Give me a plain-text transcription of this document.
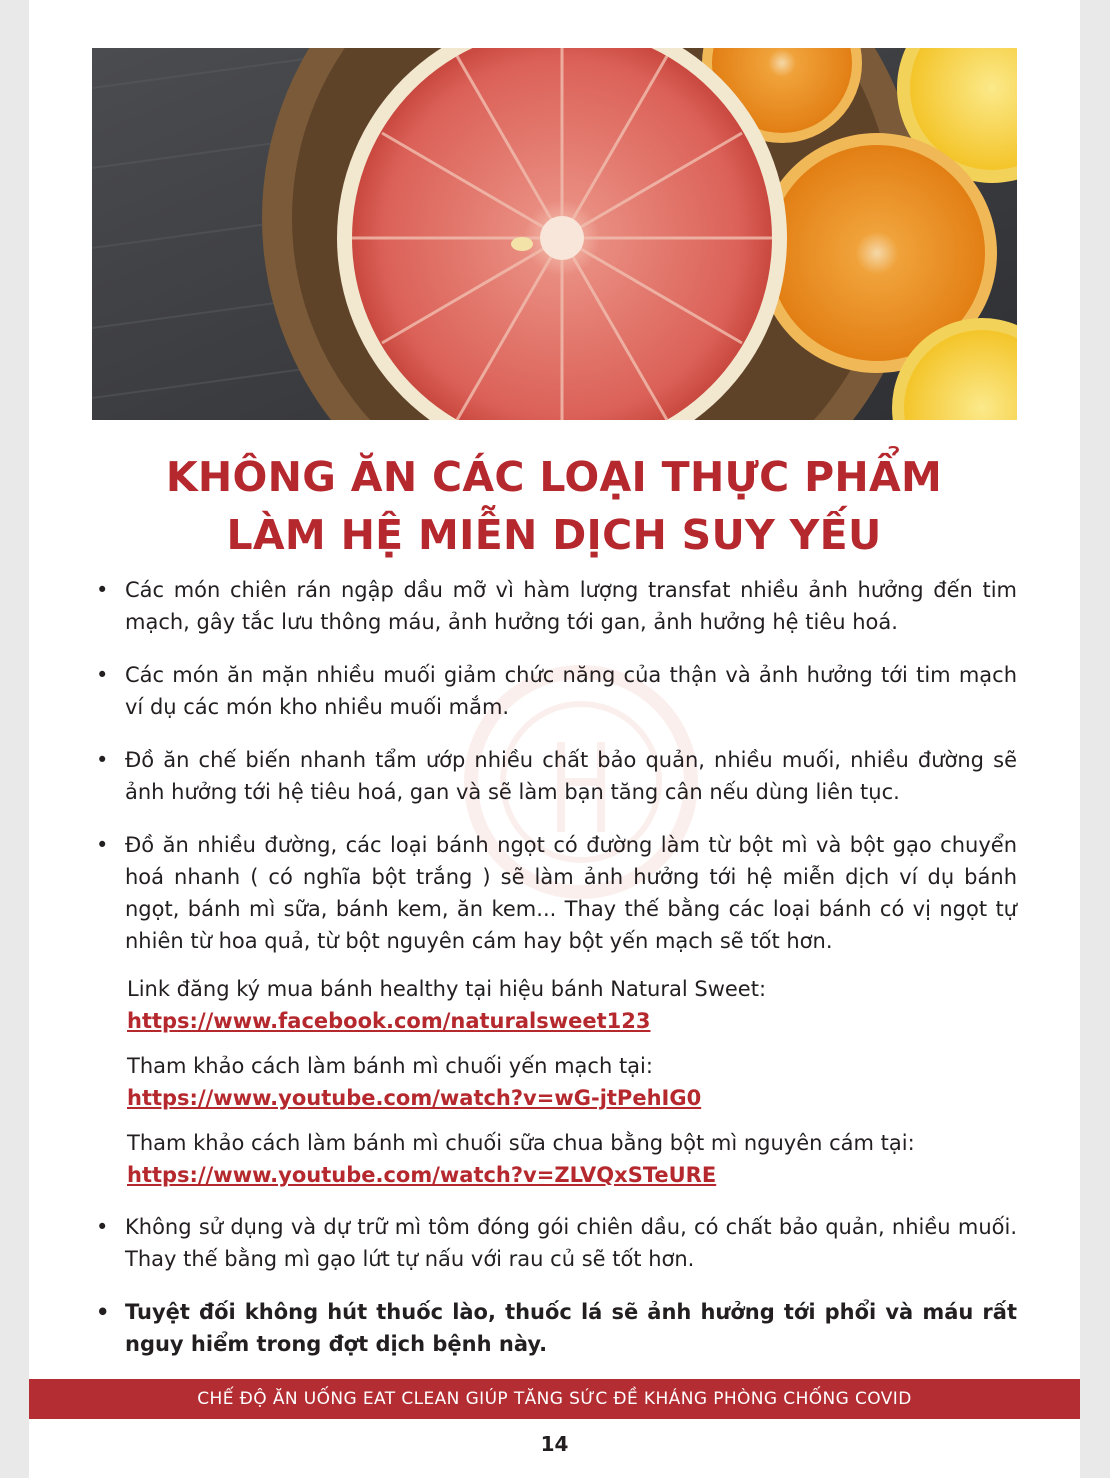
KHÔNG ĂN CÁC LOẠI THỰC PHẨM
LÀM HỆ MIỄN DỊCH SUY YẾU
• Các món chiên rán ngập dầu mỡ vì hàm lượng transfat nhiều ảnh hưởng đến tim mạch, gây tắc lưu thông máu, ảnh hưởng tới gan, ảnh hưởng hệ tiêu hoá.
• Các món ăn mặn nhiều muối giảm chức năng của thận và ảnh hưởng tới tim mạch ví dụ các món kho nhiều muối mắm.
• Đồ ăn chế biến nhanh tẩm ướp nhiều chất bảo quản, nhiều muối, nhiều đường sẽ ảnh hưởng tới hệ tiêu hoá, gan và sẽ làm bạn tăng cân nếu dùng liên tục.
• Đồ ăn nhiều đường, các loại bánh ngọt có đường làm từ bột mì và bột gạo chuyển hoá nhanh ( có nghĩa bột trắng ) sẽ làm ảnh hưởng tới hệ miễn dịch ví dụ bánh ngọt, bánh mì sữa, bánh kem, ăn kem... Thay thế bằng các loại bánh có vị ngọt tự nhiên từ hoa quả, từ bột nguyên cám hay bột yến mạch sẽ tốt hơn.
Link đăng ký mua bánh healthy tại hiệu bánh Natural Sweet:
https://www.facebook.com/naturalsweet123
Tham khảo cách làm bánh mì chuối yến mạch tại:
https://www.youtube.com/watch?v=wG-jtPehIG0
Tham khảo cách làm bánh mì chuối sữa chua bằng bột mì nguyên cám tại:
https://www.youtube.com/watch?v=ZLVQxSTeURE
• Không sử dụng và dự trữ mì tôm đóng gói chiên dầu, có chất bảo quản, nhiều muối. Thay thế bằng mì gạo lứt tự nấu với rau củ sẽ tốt hơn.
• Tuyệt đối không hút thuốc lào, thuốc lá sẽ ảnh hưởng tới phổi và máu rất nguy hiểm trong đợt dịch bệnh này.
CHẾ ĐỘ ĂN UỐNG EAT CLEAN GIÚP TĂNG SỨC ĐỀ KHÁNG PHÒNG CHỐNG COVID
14
